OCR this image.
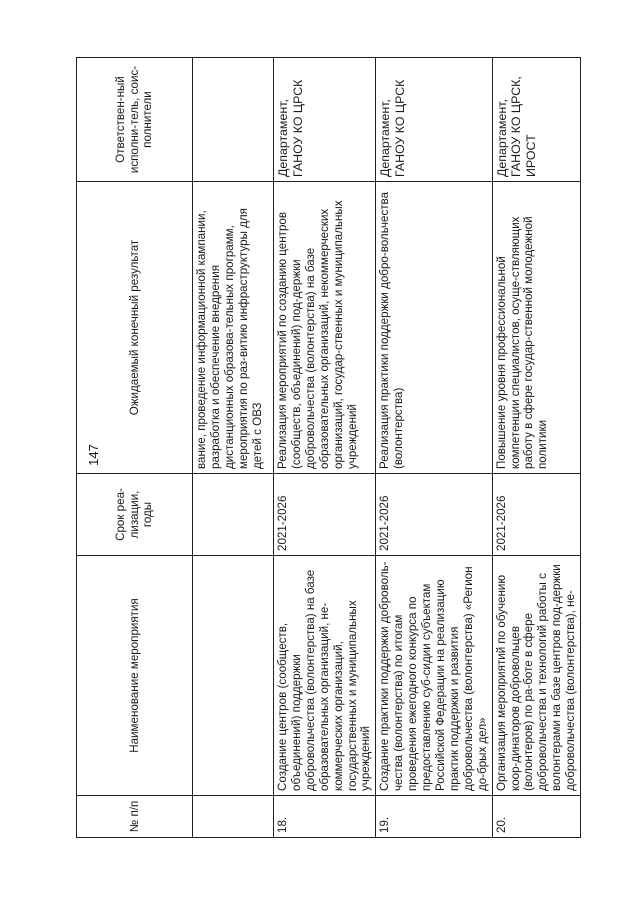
147
№ п/п	Наименование мероприятия	Срок реа-лизации, годы	Ожидаемый конечный результат	Ответствен-ный исполни-тель, соис-полнители
			вание, проведение информационной кампании, разработка и обеспечение внедрения дистанционных образова-тельных программ, мероприятия по раз-витию инфраструктуры для детей с ОВЗ	
18.	Создание центров (сообществ, объединений) поддержки добровольчества (волонтерства) на базе образовательных организаций, не-коммерческих организаций, государственных и муниципальных учреждений	2021-2026	Реализация мероприятий по созданию центров (сообществ, объединений) под-держки добровольчества (волонтерства) на базе образовательных организаций, некоммерческих организаций, государ-ственных и муниципальных учреждений	Департамент, ГАНОУ КО ЦРСК
19.	Создание практики поддержки доброволь-чества (волонтерства) по итогам проведения ежегодного конкурса по предоставлению суб-сидии субъектам Российской Федерации на реализацию практик поддержки и развития добровольчества (волонтерства) «Регион до-брых дел»	2021-2026	Реализация практики поддержки добро-вольчества (волонтерства)	Департамент, ГАНОУ КО ЦРСК
20.	Организация мероприятий по обучению коор-динаторов добровольцев (волонтеров) по ра-боте в сфере добровольчества и технологий работы с волонтерами на базе центров под-держки добровольчества (волонтерства), не-	2021-2026	Повышение уровня профессиональной компетенции специалистов, осуще-ствляющих работу в сфере государ-ственной молодежной политики	Департамент, ГАНОУ КО ЦРСК, ИРОСТ
